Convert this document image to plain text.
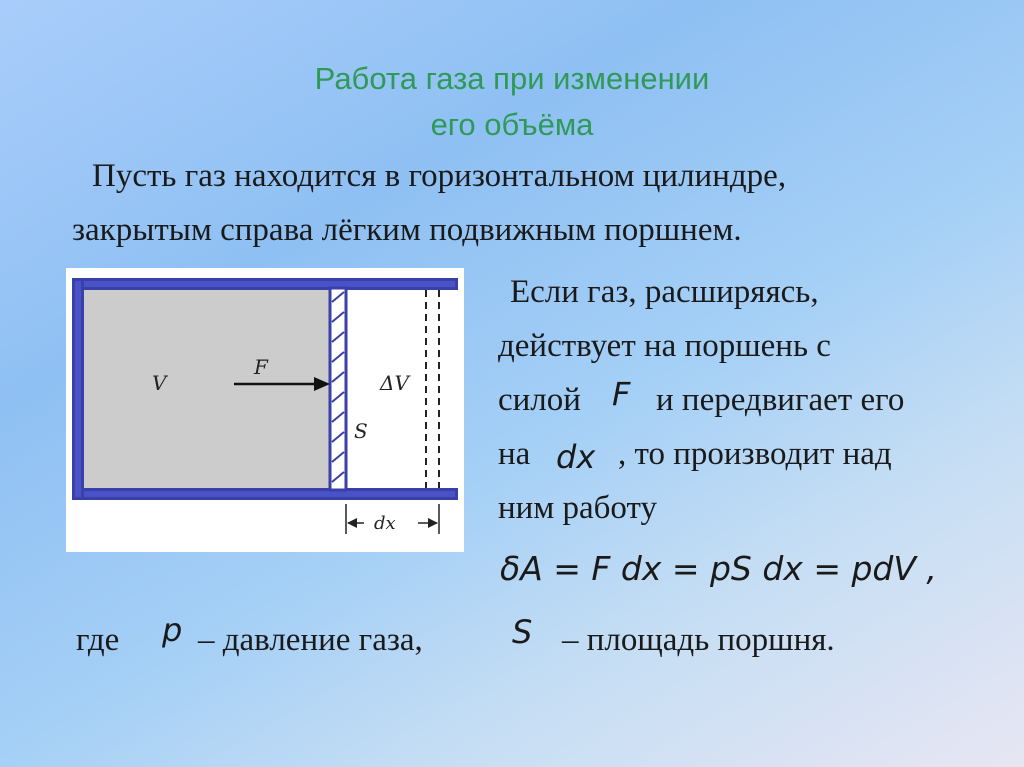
Работа газа при изменении
его объёма
Пусть газ находится в горизонтальном цилиндре,
закрытым справа лёгким подвижным поршнем.
V
F
ΔV
S
dx
Если газ, расширяясь,
действует на поршень с
силой F и передвигает его
на dx , то производит над
ним работу
δA = F dx = pS dx = pdV ,
где p – давление газа,	S – площадь поршня.
